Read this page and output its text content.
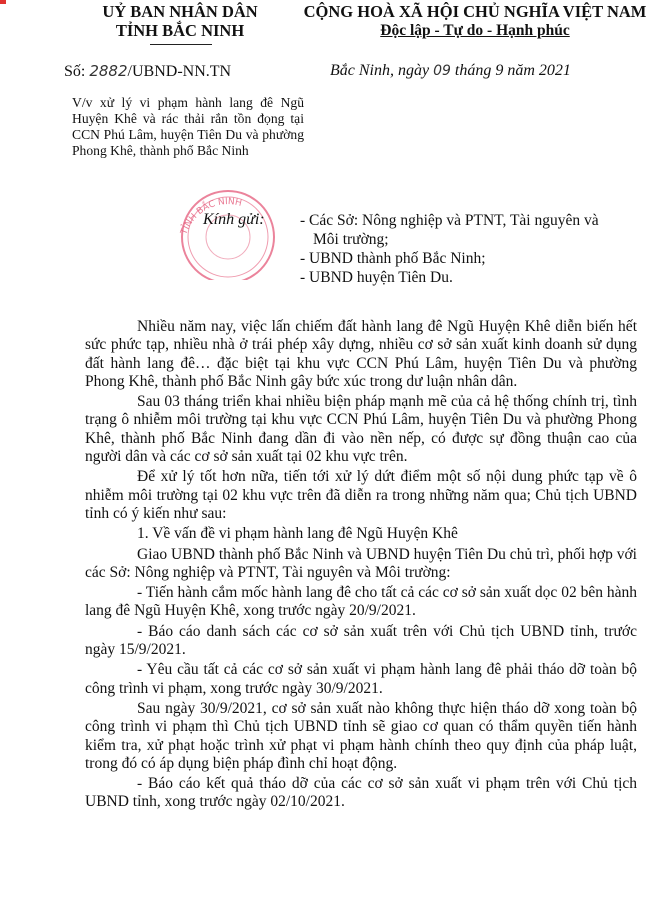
UỶ BAN NHÂN DÂN
TỈNH BẮC NINH
CỘNG HOÀ XÃ HỘI CHỦ NGHĨA VIỆT NAM
Độc lập - Tự do - Hạnh phúc
Số: 2882/UBND-NN.TN	Bắc Ninh, ngày 09 tháng 9 năm 2021
V/v xử lý vi phạm hành lang đê Ngũ Huyện Khê và rác thải rắn tồn đọng tại CCN Phú Lâm, huyện Tiên Du và phường Phong Khê, thành phố Bắc Ninh
TỈNH BẮC NINH
Kính gửi: - Các Sở: Nông nghiệp và PTNT, Tài nguyên và
Môi trường;
- UBND thành phố Bắc Ninh;
- UBND huyện Tiên Du.

Nhiều năm nay, việc lấn chiếm đất hành lang đê Ngũ Huyện Khê diễn biến hết sức phức tạp, nhiều nhà ở trái phép xây dựng, nhiều cơ sở sản xuất kinh doanh sử dụng đất hành lang đê… đặc biệt tại khu vực CCN Phú Lâm, huyện Tiên Du và phường Phong Khê, thành phố Bắc Ninh gây bức xúc trong dư luận nhân dân.

Sau 03 tháng triển khai nhiều biện pháp mạnh mẽ của cả hệ thống chính trị, tình trạng ô nhiễm môi trường tại khu vực CCN Phú Lâm, huyện Tiên Du và phường Phong Khê, thành phố Bắc Ninh đang dần đi vào nền nếp, có được sự đồng thuận cao của người dân và các cơ sở sản xuất tại 02 khu vực trên.

Để xử lý tốt hơn nữa, tiến tới xử lý dứt điểm một số nội dung phức tạp về ô nhiễm môi trường tại 02 khu vực trên đã diễn ra trong những năm qua; Chủ tịch UBND tỉnh có ý kiến như sau:

1. Về vấn đề vi phạm hành lang đê Ngũ Huyện Khê

Giao UBND thành phố Bắc Ninh và UBND huyện Tiên Du chủ trì, phối hợp với các Sở: Nông nghiệp và PTNT, Tài nguyên và Môi trường:

- Tiến hành cắm mốc hành lang đê cho tất cả các cơ sở sản xuất dọc 02 bên hành lang đê Ngũ Huyện Khê, xong trước ngày 20/9/2021.

- Báo cáo danh sách các cơ sở sản xuất trên với Chủ tịch UBND tỉnh, trước ngày 15/9/2021.

- Yêu cầu tất cả các cơ sở sản xuất vi phạm hành lang đê phải tháo dỡ toàn bộ công trình vi phạm, xong trước ngày 30/9/2021.

Sau ngày 30/9/2021, cơ sở sản xuất nào không thực hiện tháo dỡ xong toàn bộ công trình vi phạm thì Chủ tịch UBND tỉnh sẽ giao cơ quan có thẩm quyền tiến hành kiểm tra, xử phạt hoặc trình xử phạt vi phạm hành chính theo quy định của pháp luật, trong đó có áp dụng biện pháp đình chỉ hoạt động.

- Báo cáo kết quả tháo dỡ của các cơ sở sản xuất vi phạm trên với Chủ tịch UBND tỉnh, xong trước ngày 02/10/2021.
